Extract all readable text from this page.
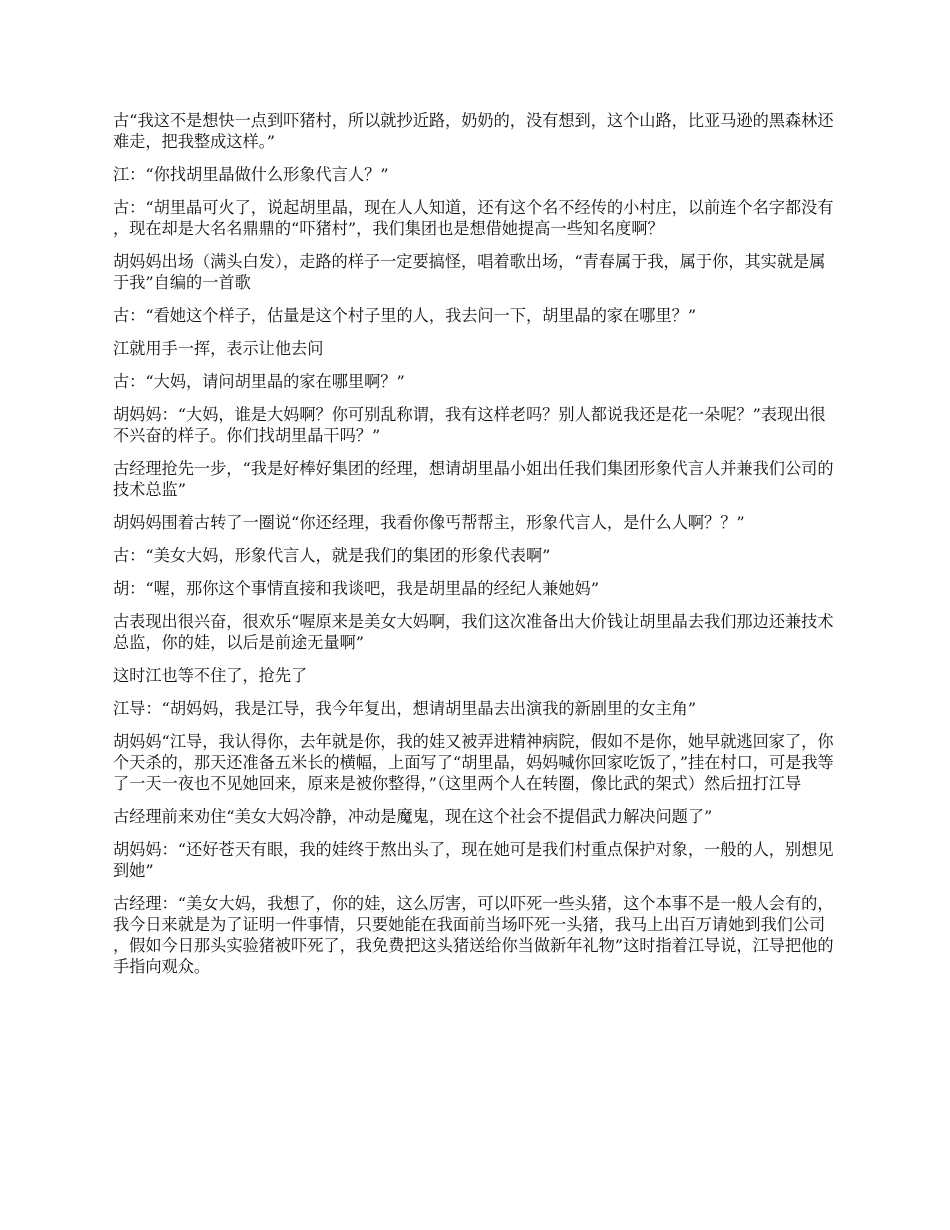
古“我这不是想快一点到吓猪村，所以就抄近路，奶奶的，没有想到，这个山路，比亚马逊的黑森林还难走，把我整成这样。”

江：“你找胡里晶做什么形象代言人？”

古：“胡里晶可火了，说起胡里晶，现在人人知道，还有这个名不经传的小村庄，以前连个名字都没有，现在却是大名名鼎鼎的“吓猪村”，我们集团也是想借她提高一些知名度啊？

胡妈妈出场（满头白发），走路的样子一定要搞怪，唱着歌出场，“青春属于我，属于你，其实就是属于我”自编的一首歌

古：“看她这个样子，估量是这个村子里的人，我去问一下，胡里晶的家在哪里？”

江就用手一挥，表示让他去问

古：“大妈，请问胡里晶的家在哪里啊？”

胡妈妈：“大妈，谁是大妈啊？你可别乱称谓，我有这样老吗？别人都说我还是花一朵呢？”表现出很不兴奋的样子。你们找胡里晶干吗？”

古经理抢先一步，“我是好棒好集团的经理，想请胡里晶小姐出任我们集团形象代言人并兼我们公司的技术总监”

胡妈妈围着古转了一圈说“你还经理，我看你像丐帮帮主，形象代言人，是什么人啊？？”

古：“美女大妈，形象代言人，就是我们的集团的形象代表啊”

胡：“喔，那你这个事情直接和我谈吧，我是胡里晶的经纪人兼她妈”

古表现出很兴奋，很欢乐“喔原来是美女大妈啊，我们这次准备出大价钱让胡里晶去我们那边还兼技术总监，你的娃，以后是前途无量啊”

这时江也等不住了，抢先了

江导：“胡妈妈，我是江导，我今年复出，想请胡里晶去出演我的新剧里的女主角”

胡妈妈“江导，我认得你，去年就是你，我的娃又被弄进精神病院，假如不是你，她早就逃回家了，你个天杀的，那天还准备五米长的横幅，上面写了“胡里晶，妈妈喊你回家吃饭了，”挂在村口，可是我等了一天一夜也不见她回来，原来是被你整得，”（这里两个人在转圈，像比武的架式）然后扭打江导

古经理前来劝住“美女大妈冷静，冲动是魔鬼，现在这个社会不提倡武力解决问题了”

胡妈妈：“还好苍天有眼，我的娃终于熬出头了，现在她可是我们村重点保护对象，一般的人，别想见到她”

古经理：“美女大妈，我想了，你的娃，这么厉害，可以吓死一些头猪，这个本事不是一般人会有的，我今日来就是为了证明一件事情，只要她能在我面前当场吓死一头猪，我马上出百万请她到我们公司，假如今日那头实验猪被吓死了，我免费把这头猪送给你当做新年礼物”这时指着江导说，江导把他的手指向观众。
